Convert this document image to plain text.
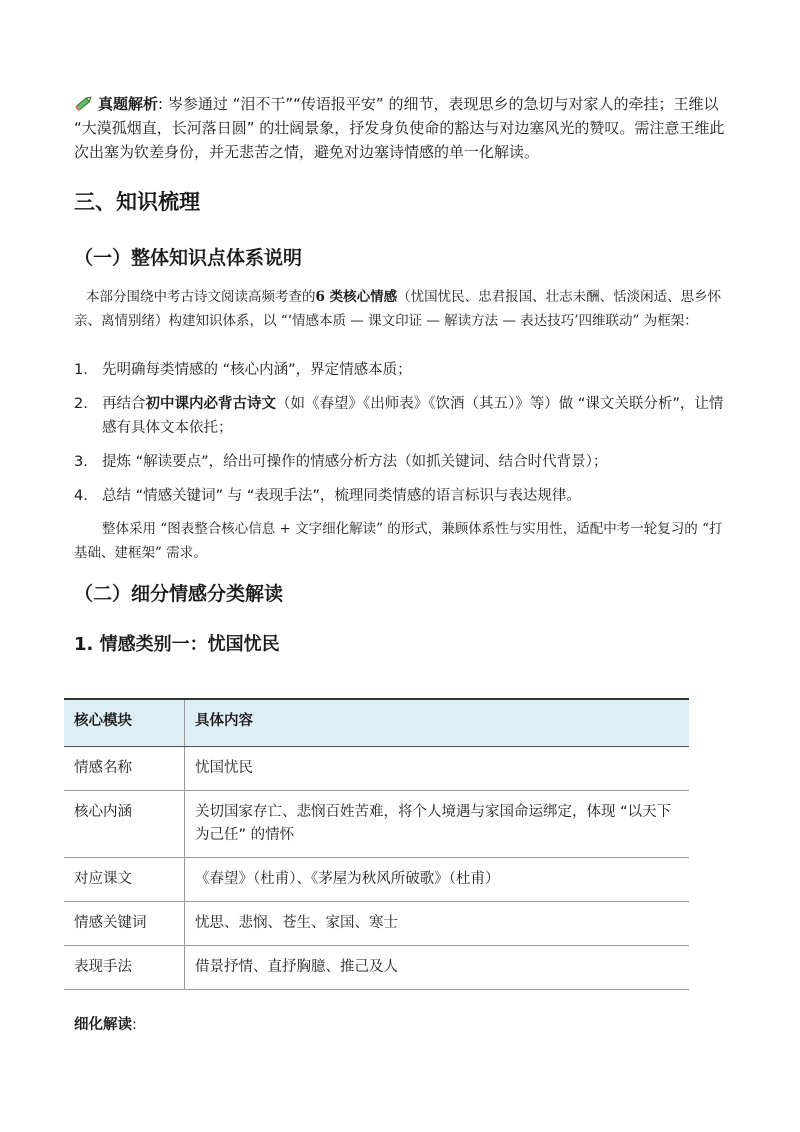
真题解析: 岑参通过 “泪不干”“传语报平安” 的细节，表现思乡的急切与对家人的牵挂；王维以 “大漠孤烟直，长河落日圆” 的壮阔景象，抒发身负使命的豁达与对边塞风光的赞叹。需注意王维此次出塞为钦差身份，并无悲苦之情，避免对边塞诗情感的单一化解读。

三、知识梳理
（一）整体知识点体系说明

本部分围绕中考古诗文阅读高频考查的6 类核心情感（忧国忧民、忠君报国、壮志未酬、恬淡闲适、思乡怀亲、离情别绪）构建知识体系，以 “‘情感本质 — 课文印证 — 解读方法 — 表达技巧’四维联动” 为框架：

1. 先明确每类情感的 “核心内涵”，界定情感本质；
2. 再结合初中课内必背古诗文（如《春望》《出师表》《饮酒（其五）》等）做 “课文关联分析”，让情感有具体文本依托；
3. 提炼 “解读要点”，给出可操作的情感分析方法（如抓关键词、结合时代背景）；
4. 总结 “情感关键词” 与 “表现手法”，梳理同类情感的语言标识与表达规律。

整体采用 “图表整合核心信息 + 文字细化解读” 的形式，兼顾体系性与实用性，适配中考一轮复习的 “打基础、建框架” 需求。

（二）细分情感分类解读
1. 情感类别一：忧国忧民
核心模块	具体内容
情感名称	忧国忧民
核心内涵	关切国家存亡、悲悯百姓苦难，将个人境遇与家国命运绑定，体现 “以天下为己任” 的情怀
对应课文	《春望》（杜甫）、《茅屋为秋风所破歌》（杜甫）
情感关键词	忧思、悲悯、苍生、家国、寒士
表现手法	借景抒情、直抒胸臆、推己及人

细化解读:
